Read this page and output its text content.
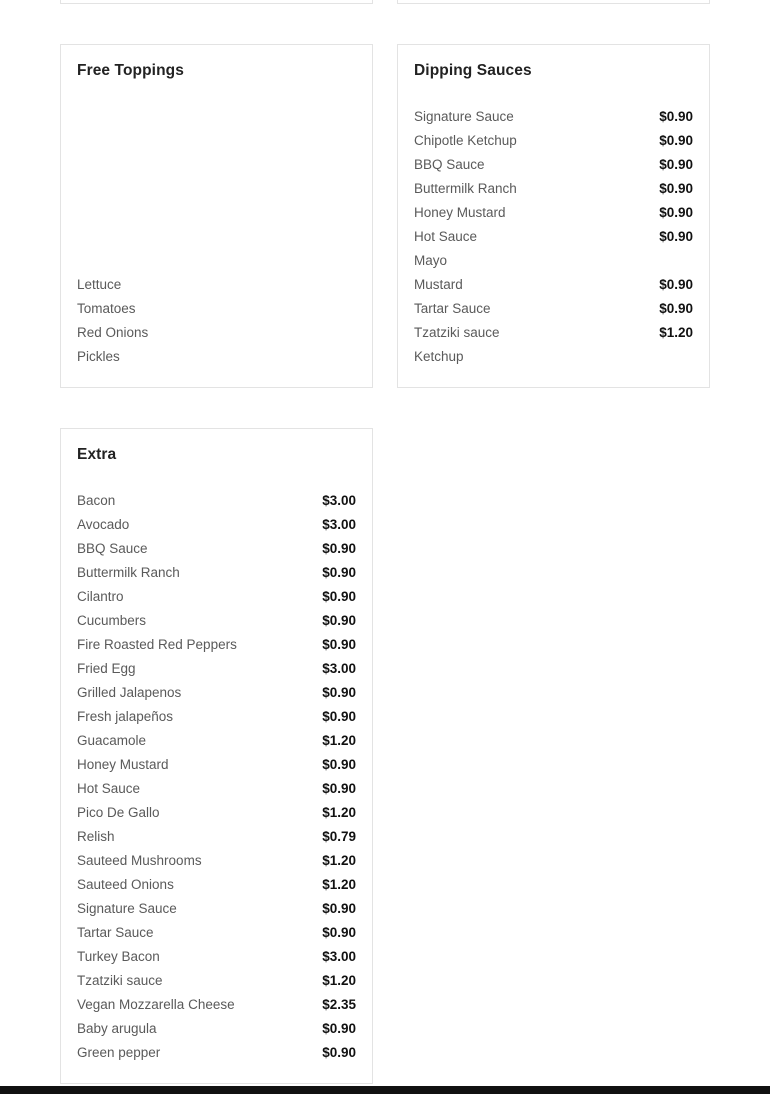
Free Toppings
Lettuce
Tomatoes
Red Onions
Pickles
Dipping Sauces
Signature Sauce	$0.90
Chipotle Ketchup	$0.90
BBQ Sauce	$0.90
Buttermilk Ranch	$0.90
Honey Mustard	$0.90
Hot Sauce	$0.90
Mayo
Mustard	$0.90
Tartar Sauce	$0.90
Tzatziki sauce	$1.20
Ketchup
Extra
Bacon	$3.00
Avocado	$3.00
BBQ Sauce	$0.90
Buttermilk Ranch	$0.90
Cilantro	$0.90
Cucumbers	$0.90
Fire Roasted Red Peppers	$0.90
Fried Egg	$3.00
Grilled Jalapenos	$0.90
Fresh jalapeños	$0.90
Guacamole	$1.20
Honey Mustard	$0.90
Hot Sauce	$0.90
Pico De Gallo	$1.20
Relish	$0.79
Sauteed Mushrooms	$1.20
Sauteed Onions	$1.20
Signature Sauce	$0.90
Tartar Sauce	$0.90
Turkey Bacon	$3.00
Tzatziki sauce	$1.20
Vegan Mozzarella Cheese	$2.35
Baby arugula	$0.90
Green pepper	$0.90
